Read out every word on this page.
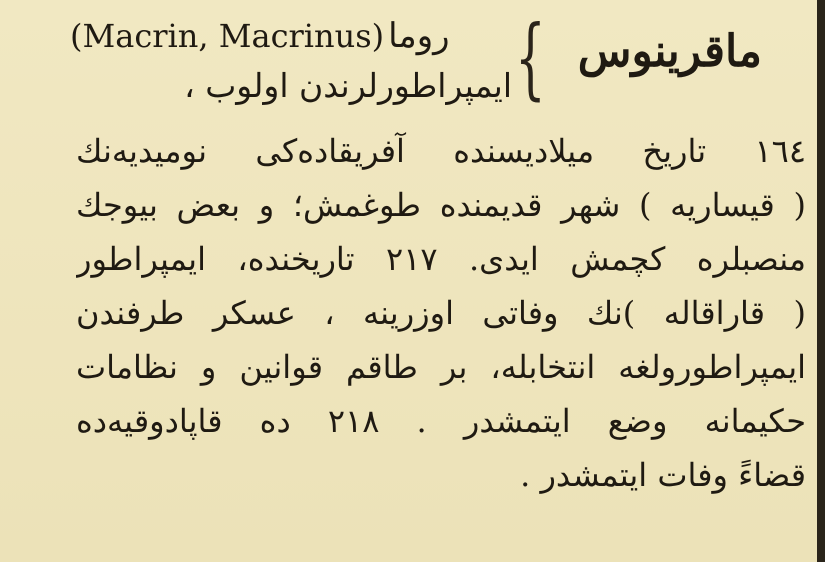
(Macrin, Macrinus) روما
ایمپراطورلرندن اولوب ، { ماقرینوس
١٦٤ تاریخ میلادیسنده آفریقاده‌کی نومیدیه‌نك
( قیساریه ) شهر قدیمنده طوغمش؛ و بعض بیوجك
منصبلره کچمش ایدی. ٢١٧ تاریخنده، ایمپراطور
( قاراقاله )نك وفاتی اوزرینه ، عسکر طرفندن
ایمپراطورولغه انتخابله، بر طاقم قوانین و نظامات
حکیمانه وضع ایتمشدر . ٢١٨ ده قاپادوقیه‌ده
قضاءً وفات ایتمشدر .
